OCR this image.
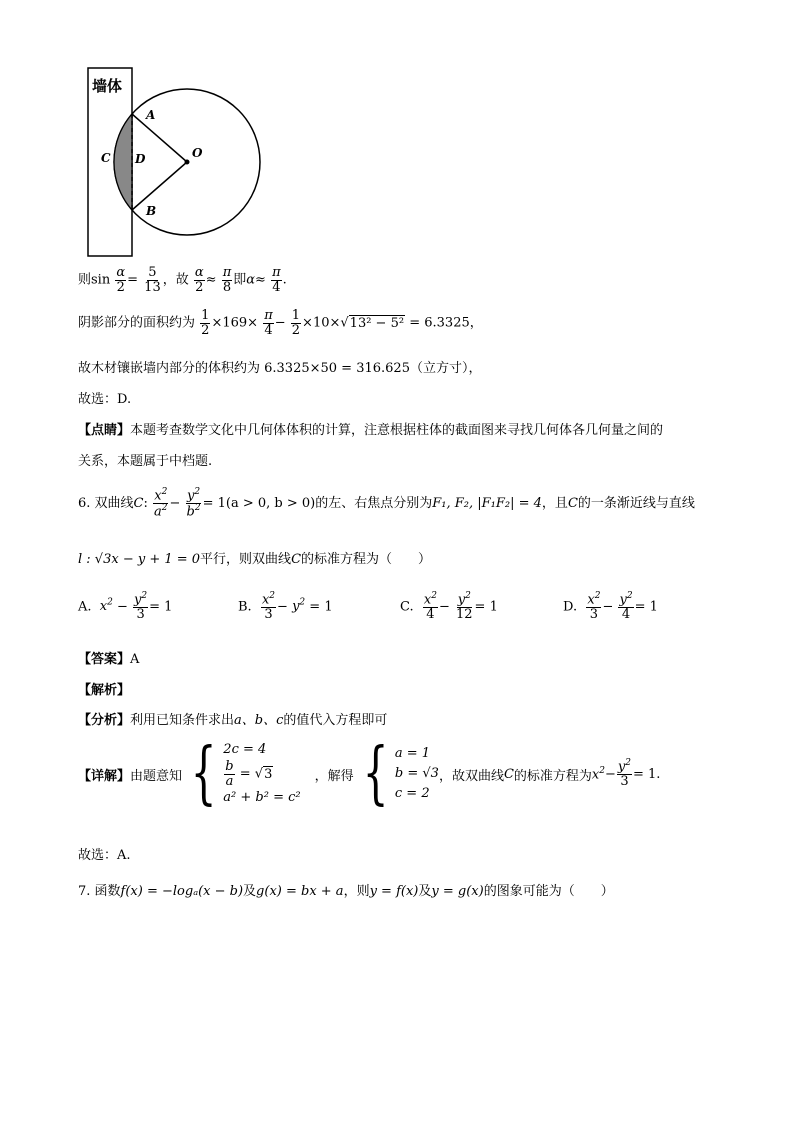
墙体
A
B
C D	O
则$\sin \frac{\alpha}{2} = \frac{5}{13}$ ，故 $\frac{\alpha}{2} \approx \frac{\pi}{8}$ 即$\alpha\approx \frac{\pi}{4}$ .
阴影部分的面积约为 $\frac{1}{2} \times 169\times \frac{\pi}{4} - \frac{1}{2} \times 10\times√13^2 - 5^2 = 6.3325$，
故木材镶嵌墙内部分的体积约为 6.3325×50 = 316.625（立方寸），
故选：D.
【点睛】本题考查数学文化中几何体体积的计算，注意根据柱体的截面图来寻找几何体各几何量之间的
关系，本题属于中档题.
6. 双曲线C: $\frac{x^2}{a^2} - \frac{y^2}{b^2} = 1(a > 0$, b > 0)的左、右焦点分别为F₁, F₂, |F₁F₂| = 4，且C的一条渐近线与直线
l : √3x − y + 1 = 0平行，则双曲线C的标准方程为（　　）
A. $x^2 - \frac{y^2}{3} = 1$	B. $\frac{x^2}{3} - y^2 = 1$	C. $\frac{x^2}{4} - \frac{y^2}{12} = 1$	D. $\frac{x^2}{3} - \frac{y^2}{4} = 1$
【答案】A
【解析】
【分析】利用已知条件求出a、b、c的值代入方程即可
【详解】 由题意知 { 2c = 4
$\frac{b}{a} = √3$
a² + b² = c²
，解得 { a = 1
b = √3
c = 2
，故双曲线 C 的标准方程为 $x^2 - \frac{y^2}{3} = 1$.
故选：A.
7. 函数f(x) = −logₐ(x − b)及g(x) = bx + a，则y = f(x)及y = g(x)的图象可能为（　　）
